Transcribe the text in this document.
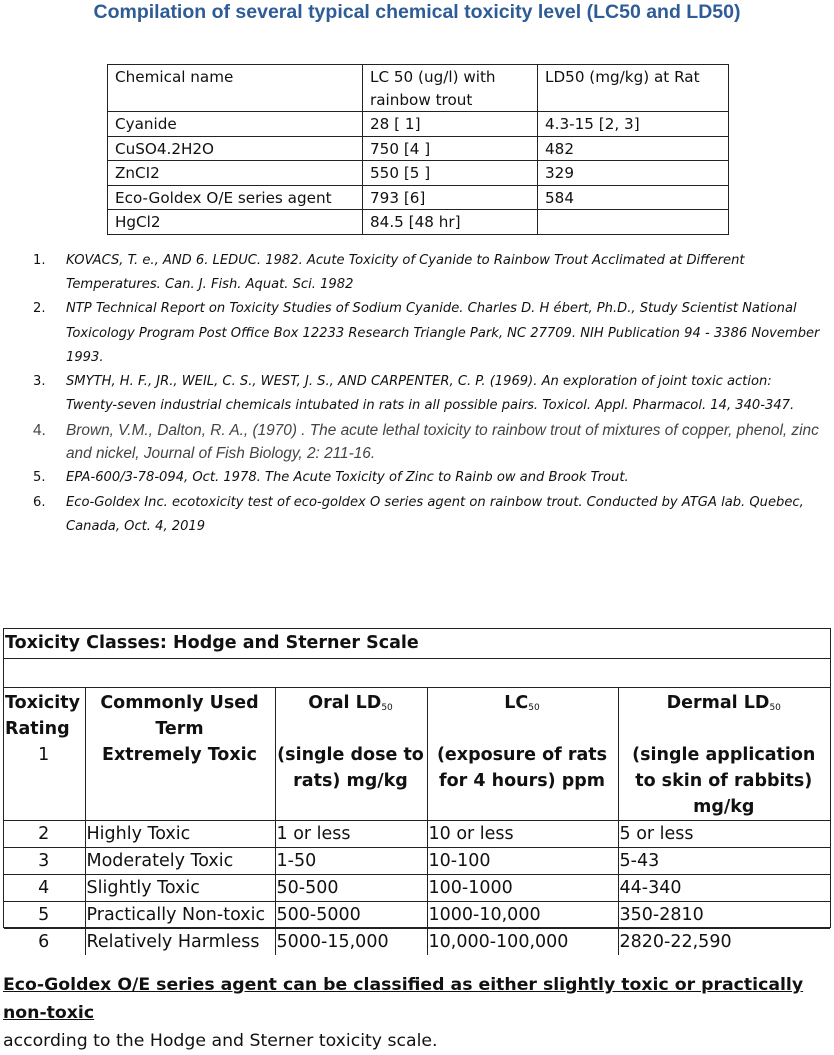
Compilation of several typical chemical toxicity level (LC50 and LD50)
Chemical name	LC 50 (ug/l) with rainbow trout	LD50 (mg/kg) at Rat
Cyanide	28 [ 1]	4.3-15 [2, 3]
CuSO4.2H2O	750 [4 ]	482
ZnCI2	550 [5 ]	329
Eco-Goldex O/E series agent	793 [6]	584
HgCl2	84.5 [48 hr]	
1. KOVACS, T. e., AND 6. LEDUC. 1982. Acute Toxicity of Cyanide to Rainbow Trout Acclimated at Different Temperatures. Can. J. Fish. Aquat. Sci. 1982
2. NTP Technical Report on Toxicity Studies of Sodium Cyanide. Charles D. H ébert, Ph.D., Study Scientist National Toxicology Program Post Office Box 12233 Research Triangle Park, NC 27709. NIH Publication 94 - 3386 November 1993.
3. SMYTH, H. F., JR., WEIL, C. S., WEST, J. S., AND CARPENTER, C. P. (1969). An exploration of joint toxic action: Twenty-seven industrial chemicals intubated in rats in all possible pairs. Toxicol. Appl. Pharmacol. 14, 340-347.
4. Brown, V.M., Dalton, R. A., (1970) . The acute lethal toxicity to rainbow trout of mixtures of copper, phenol, zinc and nickel, Journal of Fish Biology, 2: 211-16.
5. EPA-600/3-78-094, Oct. 1978. The Acute Toxicity of Zinc to Rainb ow and Brook Trout.
6. Eco-Goldex Inc. ecotoxicity test of eco-goldex O series agent on rainbow trout. Conducted by ATGA lab. Quebec, Canada, Oct. 4, 2019
Toxicity Classes: Hodge and Sterner Scale
Toxicity Rating	Commonly Used Term	Oral $LD_{50}$	$LC_{50}$	Dermal $LD_{50}$
1	Extremely Toxic	(single dose to rats) mg/kg	(exposure of rats for 4 hours) ppm	(single application to skin of rabbits) mg/kg
2	Highly Toxic	1 or less	10 or less	5 or less
3	Moderately Toxic	1-50	10-100	5-43
4	Slightly Toxic	50-500	100-1000	44-340
5	Practically Non-toxic	500-5000	1000-10,000	350-2810
6	Relatively Harmless	5000-15,000	10,000-100,000	2820-22,590
Eco-Goldex O/E series agent can be classified as either slightly toxic or practically non-toxic
according to the Hodge and Sterner toxicity scale.
